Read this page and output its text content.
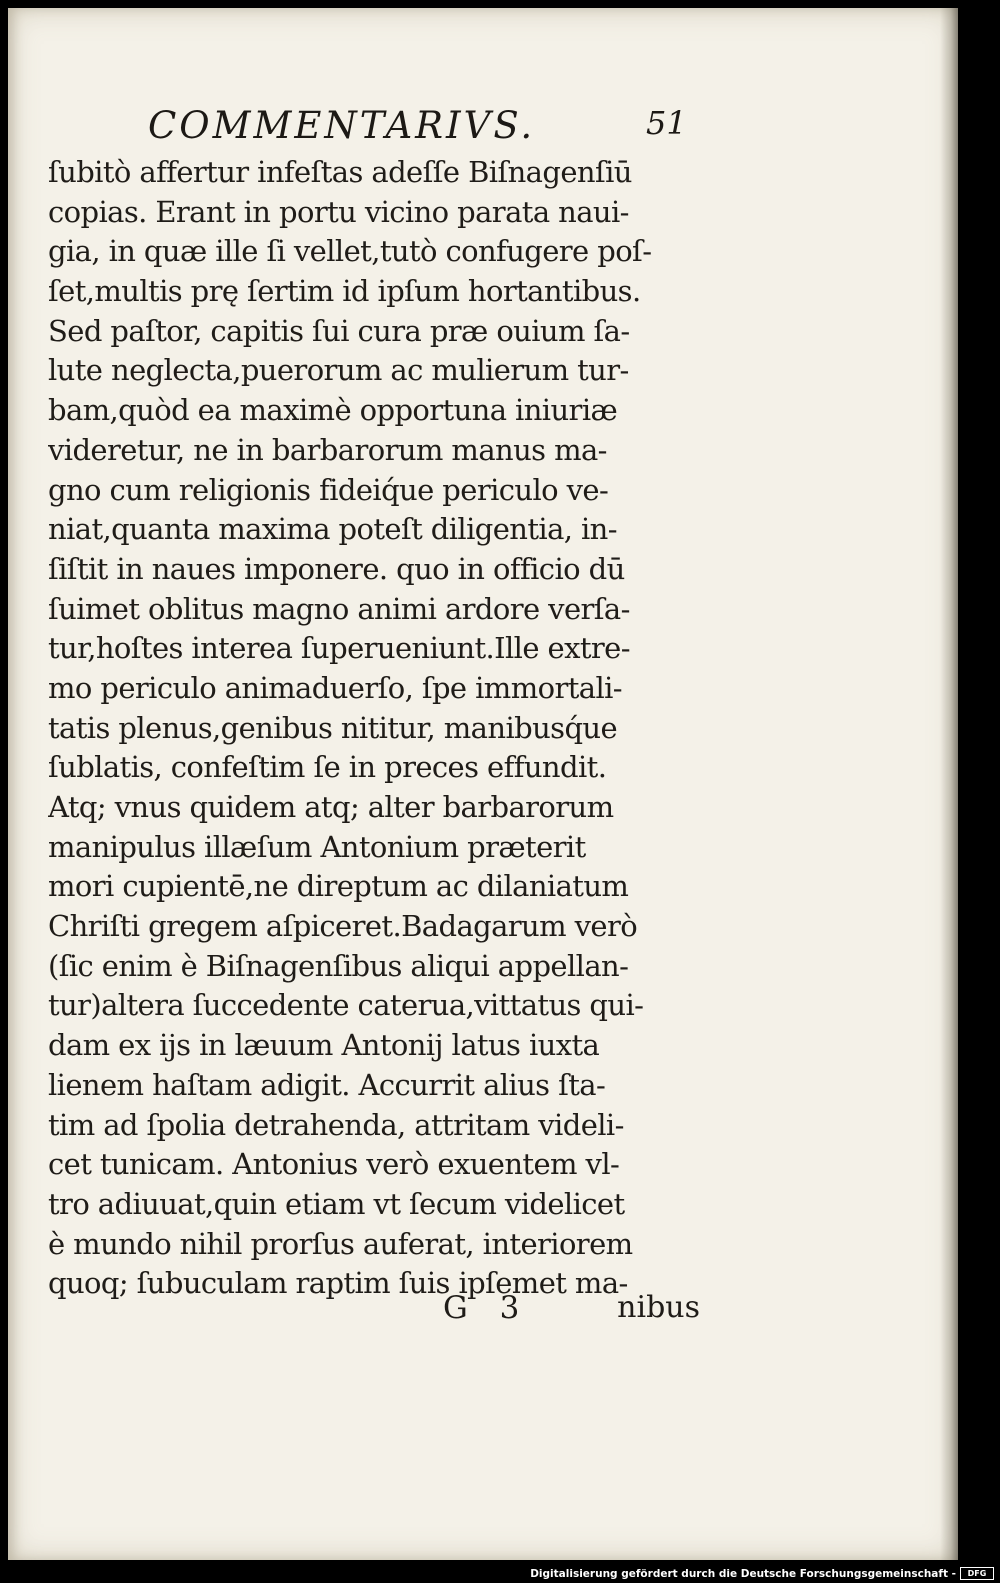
COMMENTARIVS.	51
ſubitò affertur infeſtas adeſſe Biſnagenſiū
copias. Erant in portu vicino parata naui-
gia, in quæ ille ſi vellet,tutò confugere poſ-
ſet,multis prę ſertim id ipſum hortantibus.
Sed paſtor, capitis ſui cura præ ouium ſa-
lute neglecta,puerorum ac mulierum tur-
bam,quòd ea maximè opportuna iniuriæ
videretur, ne in barbarorum manus ma-
gno cum religionis fideiq́ue periculo ve-
niat,quanta maxima poteſt diligentia, in-
ſiſtit in naues imponere. quo in officio dū
ſuimet oblitus magno animi ardore verſa-
tur,hoſtes interea ſuperueniunt.Ille extre-
mo periculo animaduerſo, ſpe immortali-
tatis plenus,genibus nititur, manibusq́ue
ſublatis, confeſtim ſe in preces effundit.
Atq; vnus quidem atq; alter barbarorum
manipulus illæſum Antonium præterit
mori cupientē,ne direptum ac dilaniatum
Chriſti gregem aſpiceret.Badagarum verò
(ſic enim è Biſnagenſibus aliqui appellan-
tur)altera ſuccedente caterua,vittatus qui-
dam ex ijs in læuum Antonij latus iuxta
lienem haſtam adigit. Accurrit alius ſta-
tim ad ſpolia detrahenda, attritam videli-
cet tunicam. Antonius verò exuentem vl-
tro adiuuat,quin etiam vt ſecum videlicet
è mundo nihil prorſus auferat, interiorem
quoq; ſubuculam raptim ſuis ipſemet ma-
G 3	nibus
Digitalisierung gefördert durch die Deutsche Forschungsgemeinschaft -	DFG
